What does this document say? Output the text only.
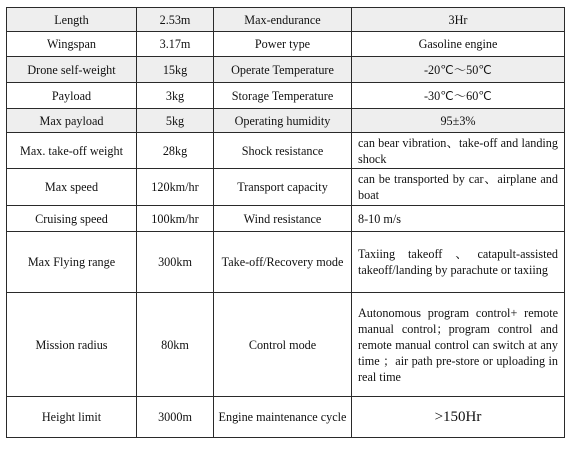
Length	2.53m	Max-endurance	3Hr
Wingspan	3.17m	Power type	Gasoline engine
Drone self-weight	15kg	Operate Temperature	-20℃～50℃
Payload	3kg	Storage Temperature	-30℃～60℃
Max payload	5kg	Operating humidity	95±3%
Max. take-off weight	28kg	Shock resistance	can bear vibration、take-off and landing shock

Max speed	120km/hr	Transport capacity	can be transported by car、airplane and boat

Cruising speed	100km/hr	Wind resistance	8-10 m/s

Max Flying range	300km	Take-off/Recovery mode	Taxiing takeoff 、catapult-assisted takeoff/landing by parachute or taxiing

Mission radius	80km	Control mode	Autonomous program control+ remote manual control；program control and remote manual control can switch at any time ；air path pre-store or uploading in real time

Height limit	3000m	Engine maintenance cycle	>150Hr
